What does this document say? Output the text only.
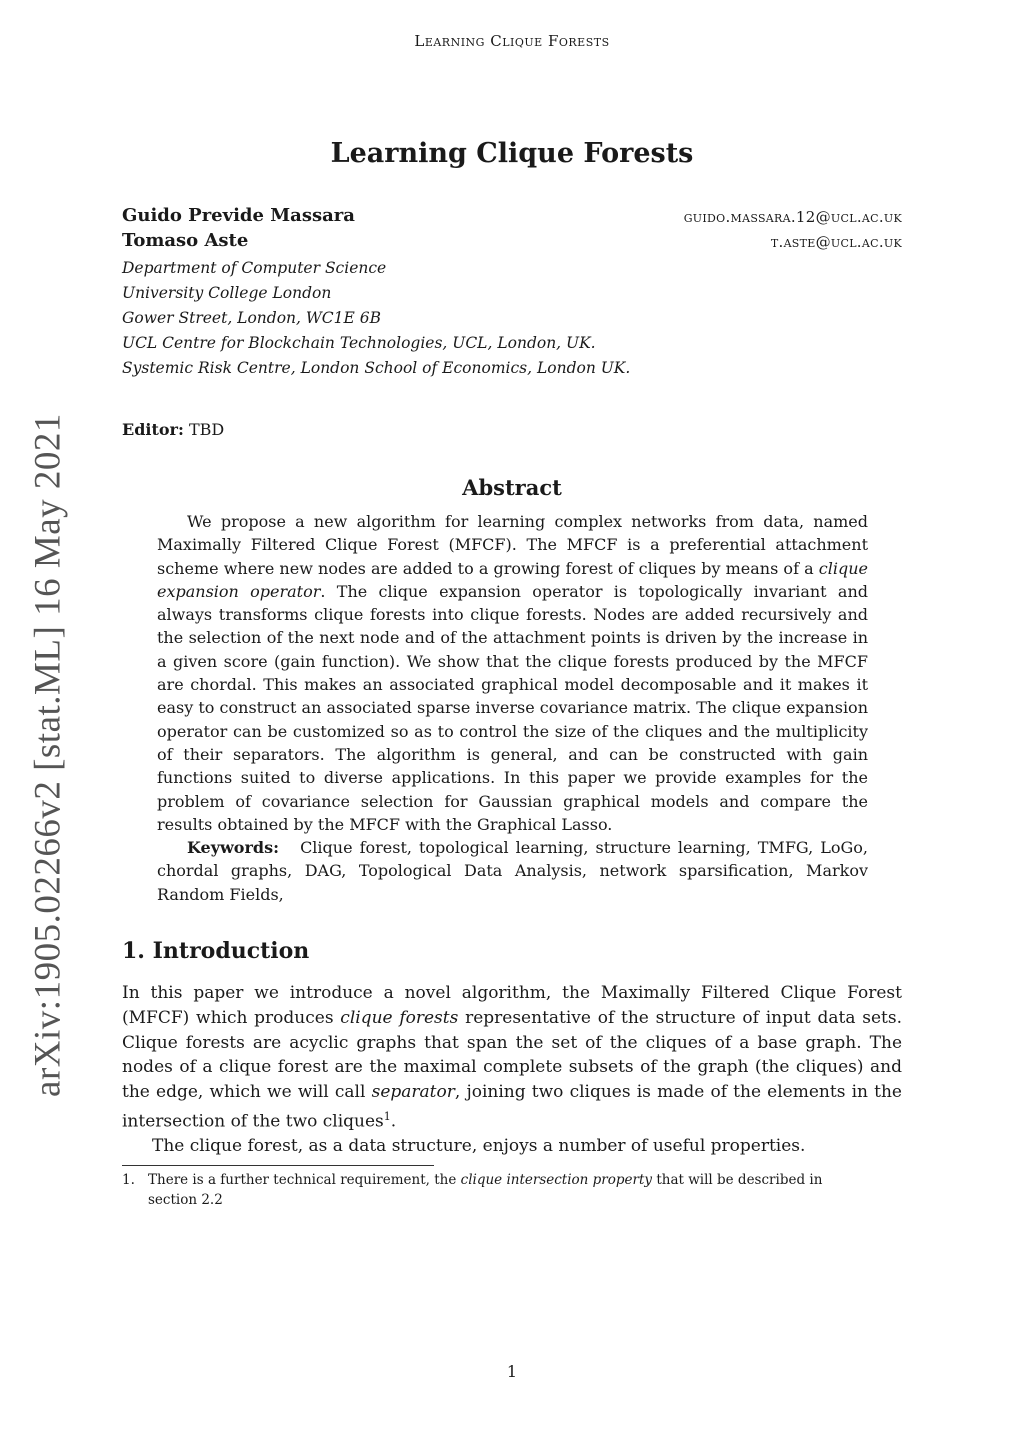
Learning Clique Forests
Learning Clique Forests
Guido Previde Massara	guido.massara.12@ucl.ac.uk
Tomaso Aste	t.aste@ucl.ac.uk
Department of Computer Science
University College London
Gower Street, London, WC1E 6B
UCL Centre for Blockchain Technologies, UCL, London, UK.
Systemic Risk Centre, London School of Economics, London UK.
Editor: TBD
Abstract

We propose a new algorithm for learning complex networks from data, named Maximally Filtered Clique Forest (MFCF). The MFCF is a preferential attachment scheme where new nodes are added to a growing forest of cliques by means of a clique expansion operator. The clique expansion operator is topologically invariant and always transforms clique forests into clique forests. Nodes are added recursively and the selection of the next node and of the attachment points is driven by the increase in a given score (gain function). We show that the clique forests produced by the MFCF are chordal. This makes an associated graphical model decomposable and it makes it easy to construct an associated sparse inverse covariance matrix. The clique expansion operator can be customized so as to control the size of the cliques and the multiplicity of their separators. The algorithm is general, and can be constructed with gain functions suited to diverse applications. In this paper we provide examples for the problem of covariance selection for Gaussian graphical models and compare the results obtained by the MFCF with the Graphical Lasso.

Keywords: Clique forest, topological learning, structure learning, TMFG, LoGo, chordal graphs, DAG, Topological Data Analysis, network sparsification, Markov Random Fields,

1. Introduction

In this paper we introduce a novel algorithm, the Maximally Filtered Clique Forest (MFCF) which produces clique forests representative of the structure of input data sets. Clique forests are acyclic graphs that span the set of the cliques of a base graph. The nodes of a clique forest are the maximal complete subsets of the graph (the cliques) and the edge, which we will call separator, joining two cliques is made of the elements in the intersection of the two cliques$^1$.

The clique forest, as a data structure, enjoys a number of useful properties.

1. There is a further technical requirement, the clique intersection property that will be described in
section 2.2
1
arXiv:1905.02266v2 [stat.ML] 16 May 2021
